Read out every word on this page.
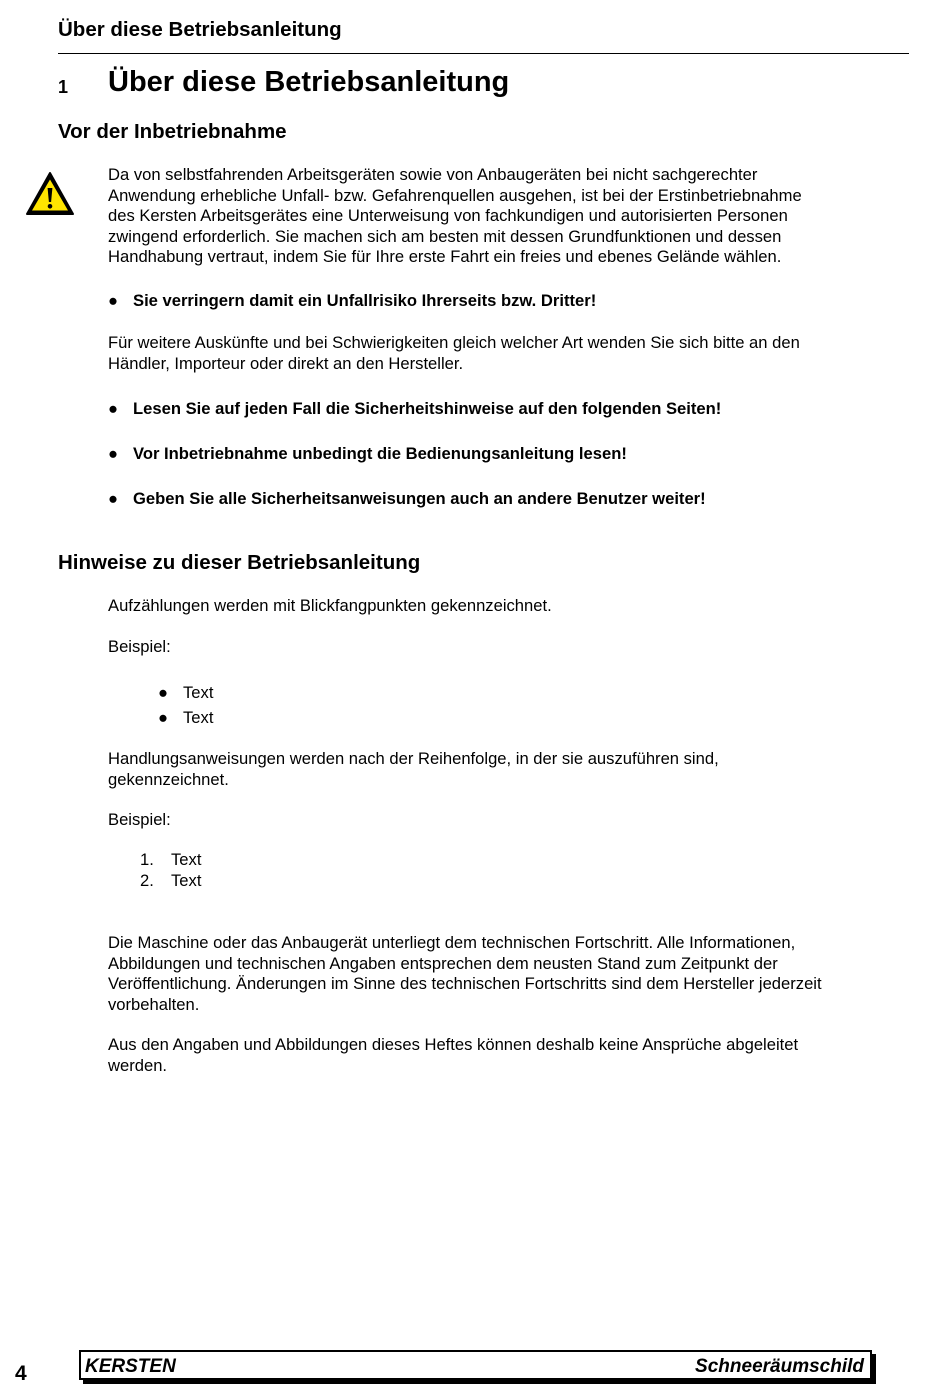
Über diese Betriebsanleitung
1 Über diese Betriebsanleitung
Vor der Inbetriebnahme
Da von selbstfahrenden Arbeitsgeräten sowie von Anbaugeräten bei nicht sachgerechter
Anwendung erhebliche Unfall- bzw. Gefahrenquellen ausgehen, ist bei der Erstinbetriebnahme
des Kersten Arbeitsgerätes eine Unterweisung von fachkundigen und autorisierten Personen
zwingend erforderlich. Sie machen sich am besten mit dessen Grundfunktionen und dessen
Handhabung vertraut, indem Sie für Ihre erste Fahrt ein freies und ebenes Gelände wählen.
● Sie verringern damit ein Unfallrisiko Ihrerseits bzw. Dritter!
Für weitere Auskünfte und bei Schwierigkeiten gleich welcher Art wenden Sie sich bitte an den
Händler, Importeur oder direkt an den Hersteller.
● Lesen Sie auf jeden Fall die Sicherheitshinweise auf den folgenden Seiten!
● Vor Inbetriebnahme unbedingt die Bedienungsanleitung lesen!
● Geben Sie alle Sicherheitsanweisungen auch an andere Benutzer weiter!
Hinweise zu dieser Betriebsanleitung
Aufzählungen werden mit Blickfangpunkten gekennzeichnet.
Beispiel:
● Text
● Text
Handlungsanweisungen werden nach der Reihenfolge, in der sie auszuführen sind,
gekennzeichnet.
Beispiel:
1. Text
2. Text
Die Maschine oder das Anbaugerät unterliegt dem technischen Fortschritt. Alle Informationen,
Abbildungen und technischen Angaben entsprechen dem neusten Stand zum Zeitpunkt der
Veröffentlichung. Änderungen im Sinne des technischen Fortschritts sind dem Hersteller jederzeit
vorbehalten.
Aus den Angaben und Abbildungen dieses Heftes können deshalb keine Ansprüche abgeleitet
werden.
4	KERSTEN	Schneeräumschild
